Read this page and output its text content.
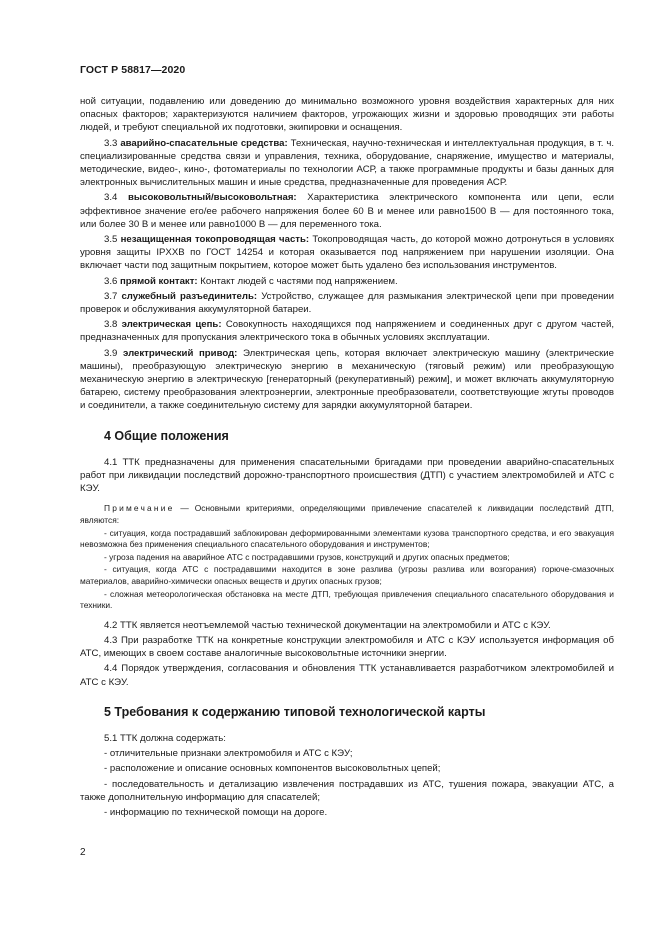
ГОСТ Р 58817—2020

ной ситуации, подавлению или доведению до минимально возможного уровня воздействия характерных для них опасных факторов; характеризуются наличием факторов, угрожающих жизни и здоровью проводящих эти работы людей, и требуют специальной их подготовки, экипировки и оснащения.

3.3 аварийно-спасательные средства: Техническая, научно-техническая и интеллектуальная продукция, в т. ч. специализированные средства связи и управления, техника, оборудование, снаряжение, имущество и материалы, методические, видео-, кино-, фотоматериалы по технологии АСР, а также программные продукты и базы данных для электронных вычислительных машин и иные средства, предназначенные для проведения АСР.

3.4 высоковольтный/высоковольтная: Характеристика электрического компонента или цепи, если эффективное значение его/ее рабочего напряжения более 60 В и менее или равно1500 В — для постоянного тока, или более 30 В и менее или равно1000 В — для переменного тока.

3.5 незащищенная токопроводящая часть: Токопроводящая часть, до которой можно дотронуться в условиях уровня защиты IPXXB по ГОСТ 14254 и которая оказывается под напряжением при нарушении изоляции. Она включает части под защитным покрытием, которое может быть удалено без использования инструментов.

3.6 прямой контакт: Контакт людей с частями под напряжением.

3.7 служебный разъединитель: Устройство, служащее для размыкания электрической цепи при проведении проверок и обслуживания аккумуляторной батареи.

3.8 электрическая цепь: Совокупность находящихся под напряжением и соединенных друг с другом частей, предназначенных для пропускания электрического тока в обычных условиях эксплуатации.

3.9 электрический привод: Электрическая цепь, которая включает электрическую машину (электрические машины), преобразующую электрическую энергию в механическую (тяговый режим) или преобразующую механическую энергию в электрическую [генераторный (рекуперативный) режим], и может включать аккумуляторную батарею, систему преобразования электроэнергии, электронные преобразователи, соответствующие жгуты проводов и соединители, а также соединительную систему для зарядки аккумуляторной батареи.

4 Общие положения

4.1 ТТК предназначены для применения спасательными бригадами при проведении аварийно-спасательных работ при ликвидации последствий дорожно-транспортного происшествия (ДТП) с участием электромобилей и АТС с КЭУ.

Примечание — Основными критериями, определяющими привлечение спасателей к ликвидации последствий ДТП, являются:

- ситуация, когда пострадавший заблокирован деформированными элементами кузова транспортного средства, и его эвакуация невозможна без применения специального спасательного оборудования и инструментов;

- угроза падения на аварийное АТС с пострадавшими грузов, конструкций и других опасных предметов;

- ситуация, когда АТС с пострадавшими находится в зоне разлива (угрозы разлива или возгорания) горюче-смазочных материалов, аварийно-химически опасных веществ и других опасных грузов;

- сложная метеорологическая обстановка на месте ДТП, требующая привлечения специального спасательного оборудования и техники.

4.2 ТТК является неотъемлемой частью технической документации на электромобили и АТС с КЭУ.

4.3 При разработке ТТК на конкретные конструкции электромобиля и АТС с КЭУ используется информация об АТС, имеющих в своем составе аналогичные высоковольтные источники энергии.

4.4 Порядок утверждения, согласования и обновления ТТК устанавливается разработчиком электромобилей и АТС с КЭУ.

5 Требования к содержанию типовой технологической карты

5.1 ТТК должна содержать:

- отличительные признаки электромобиля и АТС с КЭУ;

- расположение и описание основных компонентов высоковольтных цепей;

- последовательность и детализацию извлечения пострадавших из АТС, тушения пожара, эвакуации АТС, а также дополнительную информацию для спасателей;

- информацию по технической помощи на дороге.

2
